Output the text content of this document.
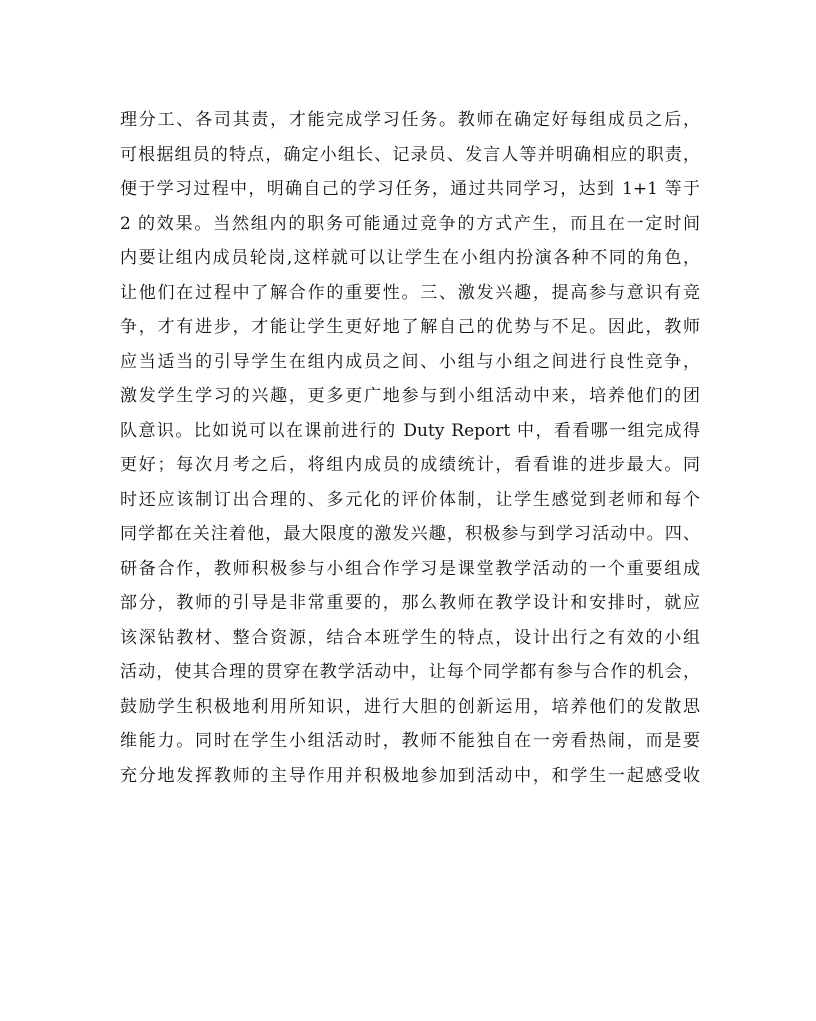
理分工、各司其责，才能完成学习任务。教师在确定好每组成员之后，
可根据组员的特点，确定小组长、记录员、发言人等并明确相应的职责，
便于学习过程中，明确自己的学习任务，通过共同学习，达到 1+1 等于
2 的效果。当然组内的职务可能通过竞争的方式产生，而且在一定时间
内要让组内成员轮岗,这样就可以让学生在小组内扮演各种不同的角色，
让他们在过程中了解合作的重要性。三、激发兴趣，提高参与意识有竞
争，才有进步，才能让学生更好地了解自己的优势与不足。因此，教师
应当适当的引导学生在组内成员之间、小组与小组之间进行良性竞争，
激发学生学习的兴趣，更多更广地参与到小组活动中来，培养他们的团
队意识。比如说可以在课前进行的 Duty Report 中，看看哪一组完成得
更好；每次月考之后，将组内成员的成绩统计，看看谁的进步最大。同
时还应该制订出合理的、多元化的评价体制，让学生感觉到老师和每个
同学都在关注着他，最大限度的激发兴趣，积极参与到学习活动中。四、
研备合作，教师积极参与小组合作学习是课堂教学活动的一个重要组成
部分，教师的引导是非常重要的，那么教师在教学设计和安排时，就应
该深钻教材、整合资源，结合本班学生的特点，设计出行之有效的小组
活动，使其合理的贯穿在教学活动中，让每个同学都有参与合作的机会，
鼓励学生积极地利用所知识，进行大胆的创新运用，培养他们的发散思
维能力。同时在学生小组活动时，教师不能独自在一旁看热闹，而是要
充分地发挥教师的主导作用并积极地参加到活动中，和学生一起感受收
